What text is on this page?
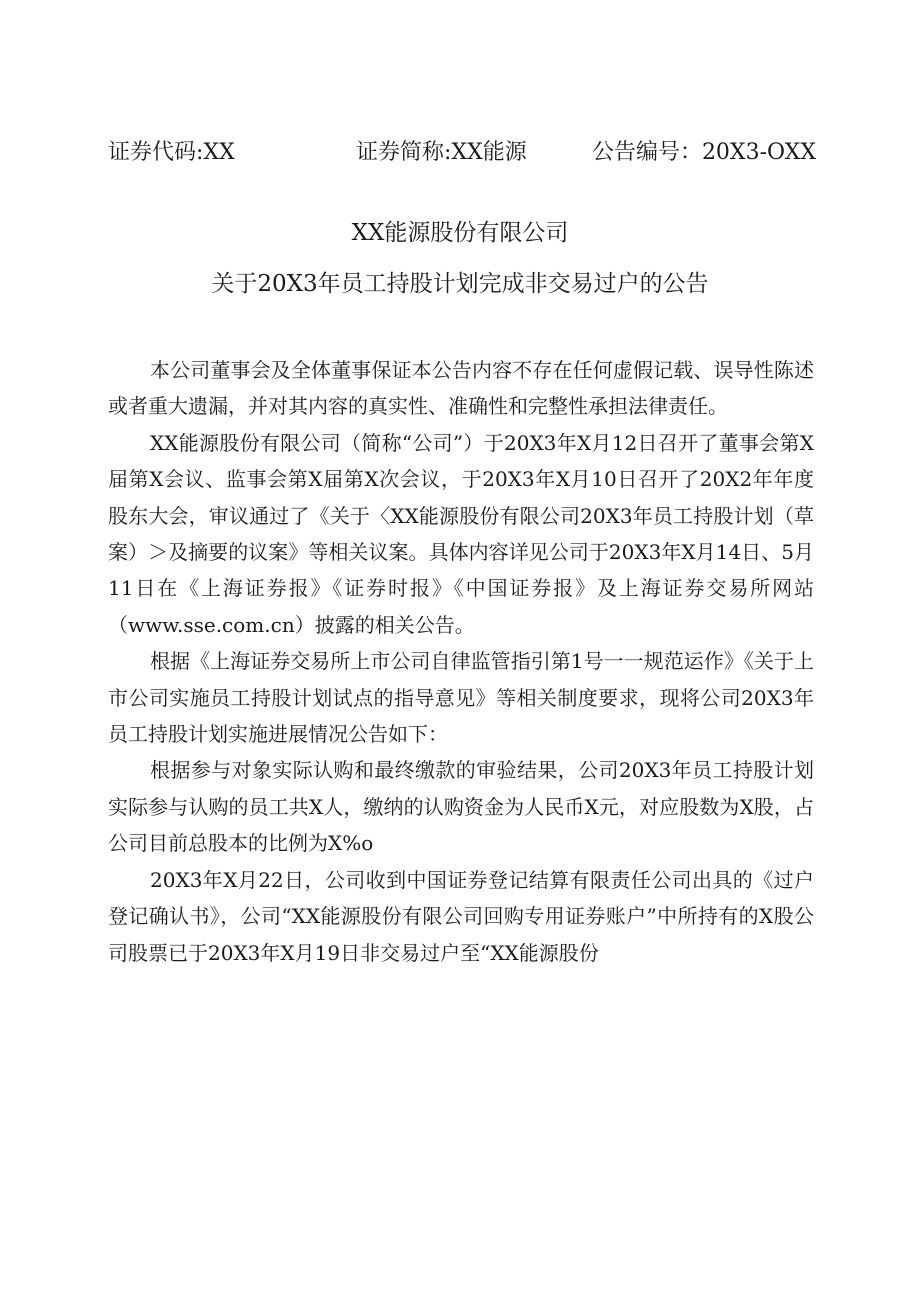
证券代码:XX	证券简称:XX能源	公告编号：20X3-OXX
XX能源股份有限公司
关于20X3年员工持股计划完成非交易过户的公告

本公司董事会及全体董事保证本公告内容不存在任何虚假记载、误导性陈述或者重大遗漏，并对其内容的真实性、准确性和完整性承担法律责任。

XX能源股份有限公司（简称“公司”）于20X3年X月12日召开了董事会第X届第X会议、监事会第X届第X次会议，于20X3年X月10日召开了20X2年年度股东大会，审议通过了《关于〈XX能源股份有限公司20X3年员工持股计划（草案）＞及摘要的议案》等相关议案。具体内容详见公司于20X3年X月14日、5月11日在《上海证券报》《证券时报》《中国证券报》及上海证券交易所网站（www.sse.com.cn）披露的相关公告。

根据《上海证券交易所上市公司自律监管指引第1号一一规范运作》《关于上市公司实施员工持股计划试点的指导意见》等相关制度要求，现将公司20X3年员工持股计划实施进展情况公告如下：

根据参与对象实际认购和最终缴款的审验结果，公司20X3年员工持股计划实际参与认购的员工共X人，缴纳的认购资金为人民币X元，对应股数为X股，占公司目前总股本的比例为X%o

20X3年X月22日，公司收到中国证券登记结算有限责任公司出具的《过户登记确认书》，公司“XX能源股份有限公司回购专用证券账户”中所持有的X股公司股票已于20X3年X月19日非交易过户至“XX能源股份
